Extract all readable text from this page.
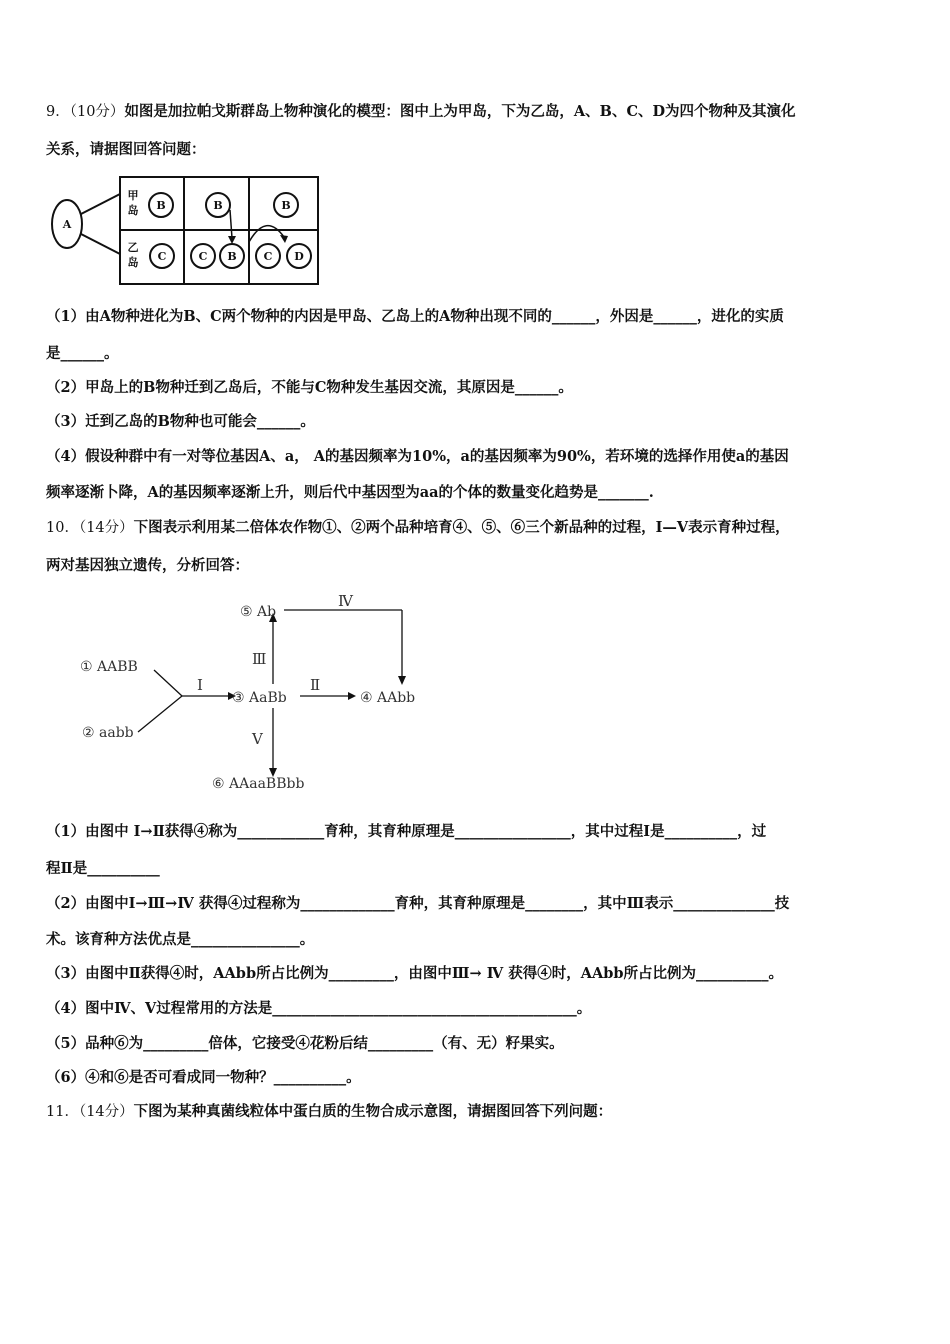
9．（10分）如图是加拉帕戈斯群岛上物种演化的模型：图中上为甲岛，下为乙岛，A、B、C、D为四个物种及其演化
关系，请据图回答问题：
A
甲
岛
乙
岛
B	B	B
C	C B C D
（1）由A物种进化为B、C两个物种的内因是甲岛、乙岛上的A物种出现不同的______，外因是______，进化的实质
是______。
（2）甲岛上的B物种迁到乙岛后，不能与C物种发生基因交流，其原因是______。
（3）迁到乙岛的B物种也可能会______。
（4）假设种群中有一对等位基因A、a， A的基因频率为10%，a的基因频率为90%，若环境的选择作用使a的基因
频率逐渐卜降，A的基因频率逐渐上升，则后代中基因型为aa的个体的数量变化趋势是_______.
10．（14分）下图表示利用某二倍体农作物①、②两个品种培育④、⑤、⑥三个新品种的过程，Ⅰ—Ⅴ表示育种过程，
两对基因独立遗传，分析回答：
① AABB
② aabb
③ AaBb	④ AAbb
⑤ Ab
⑥ AAaaBBbb
Ⅰ	Ⅱ
Ⅲ
Ⅳ
Ⅴ
（1）由图中 Ⅰ→Ⅱ获得④称为____________育种，其育种原理是________________，其中过程Ⅰ是__________，过
程Ⅱ是__________
（2）由图中Ⅰ→Ⅲ→Ⅳ 获得④过程称为_____________育种，其育种原理是________，其中Ⅲ表示______________技
术。该育种方法优点是_______________。
（3）由图中Ⅱ获得④时，AAbb所占比例为_________，由图中Ⅲ→ Ⅳ 获得④时，AAbb所占比例为__________。
（4）图中Ⅳ、Ⅴ过程常用的方法是__________________________________________。
（5）品种⑥为_________倍体，它接受④花粉后结_________（有、无）籽果实。
（6）④和⑥是否可看成同一物种？__________。
11．（14分）下图为某种真菌线粒体中蛋白质的生物合成示意图，请据图回答下列问题：
